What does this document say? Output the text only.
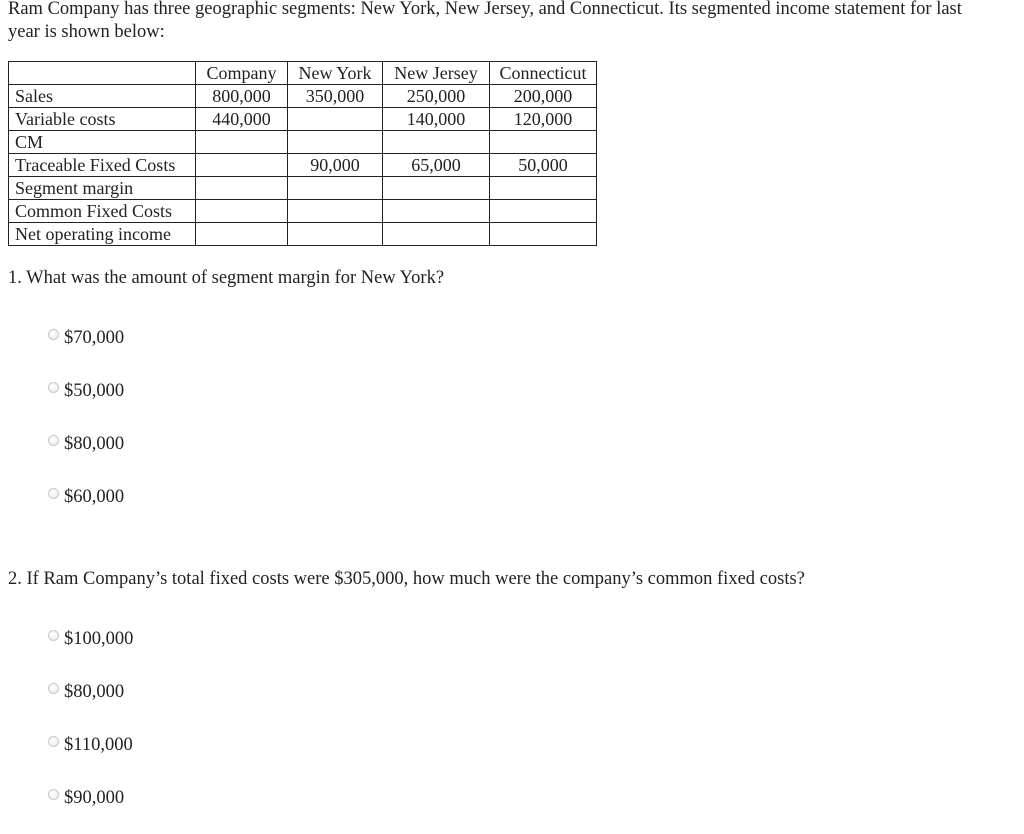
Ram Company has three geographic segments: New York, New Jersey, and Connecticut. Its segmented income statement for last year is shown below:
	Company	New York	New Jersey	Connecticut
Sales	800,000	350,000	250,000	200,000
Variable costs	440,000		140,000	120,000
CM				
Traceable Fixed Costs		90,000	65,000	50,000
Segment margin				
Common Fixed Costs				
Net operating income				
1. What was the amount of segment margin for New York?
$70,000
$50,000
$80,000
$60,000
2. If Ram Company’s total fixed costs were $305,000, how much were the company’s common fixed costs?
$100,000
$80,000
$110,000
$90,000
